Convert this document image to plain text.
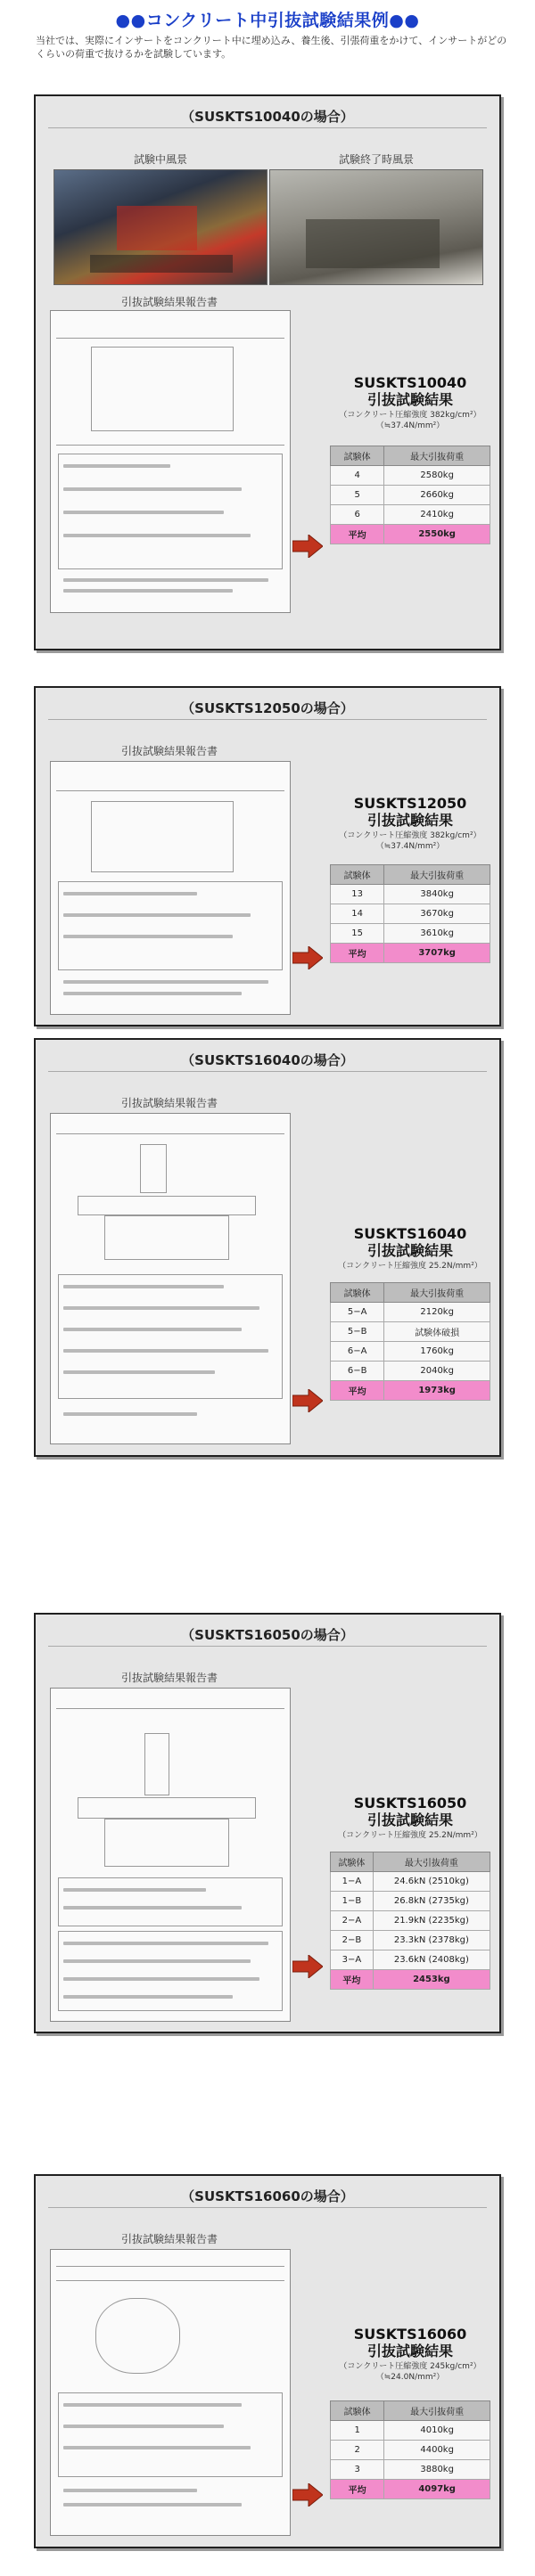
●●コンクリート中引抜試験結果例●●
当社では、実際にインサートをコンクリート中に埋め込み、養生後、引張荷重をかけて、インサートがどのくらいの荷重で抜けるかを試験しています。
（SUSKTS10040の場合）
試験中風景	試験終了時風景
引抜試験結果報告書
SUSKTS10040
引抜試験結果
（コンクリート圧縮強度 382kg/cm²）
（≒37.4N/mm²）
試験体	最大引抜荷重
4	2580kg
5	2660kg
6	2410kg
平均	2550kg
（SUSKTS12050の場合）
引抜試験結果報告書
SUSKTS12050
引抜試験結果
（コンクリート圧縮強度 382kg/cm²）
（≒37.4N/mm²）
試験体	最大引抜荷重
13	3840kg
14	3670kg
15	3610kg
平均	3707kg
（SUSKTS16040の場合）
引抜試験結果報告書
SUSKTS16040
引抜試験結果
（コンクリート圧縮強度 25.2N/mm²）
試験体	最大引抜荷重
5−A	2120kg
5−B	試験体破損
6−A	1760kg
6−B	2040kg
平均	1973kg
（SUSKTS16050の場合）
引抜試験結果報告書
SUSKTS16050
引抜試験結果
（コンクリート圧縮強度 25.2N/mm²）
試験体	最大引抜荷重
1−A	24.6kN (2510kg)
1−B	26.8kN (2735kg)
2−A	21.9kN (2235kg)
2−B	23.3kN (2378kg)
3−A	23.6kN (2408kg)
平均	2453kg
（SUSKTS16060の場合）
引抜試験結果報告書
SUSKTS16060
引抜試験結果
（コンクリート圧縮強度 245kg/cm²）
（≒24.0N/mm²）
試験体	最大引抜荷重
1	4010kg
2	4400kg
3	3880kg
平均	4097kg
